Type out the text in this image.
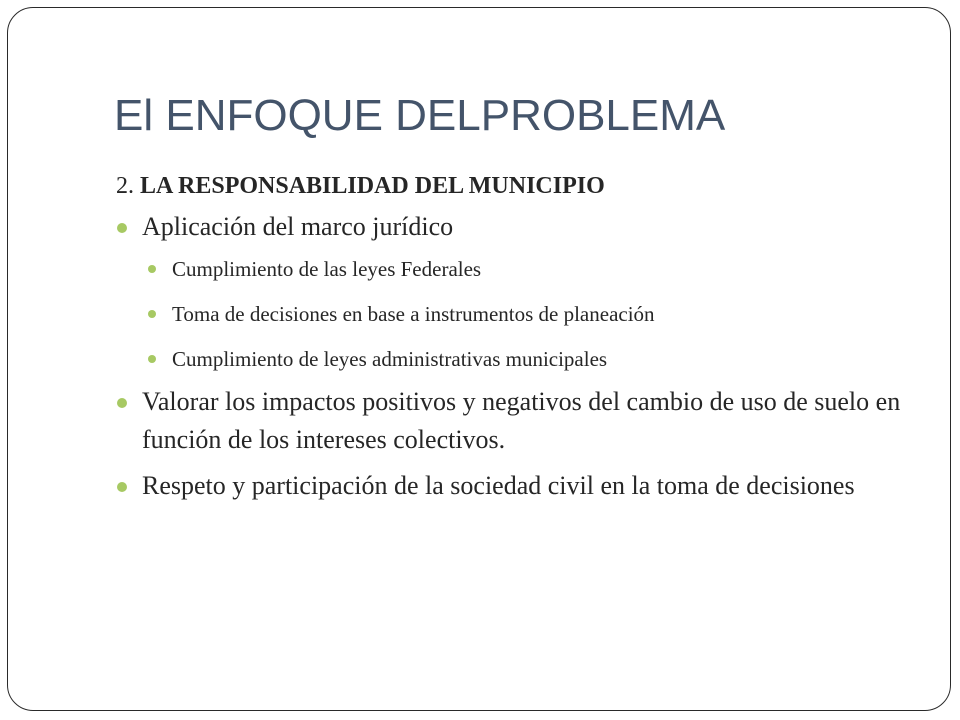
El ENFOQUE DELPROBLEMA

2. LA RESPONSABILIDAD DEL MUNICIPIO

Aplicación del marco jurídico
Cumplimiento de las leyes Federales
Toma de decisiones en base a instrumentos de planeación
Cumplimiento de leyes administrativas municipales
Valorar los impactos positivos y negativos del cambio de uso de suelo en función de los intereses colectivos.
Respeto y participación de la sociedad civil en la toma de decisiones
